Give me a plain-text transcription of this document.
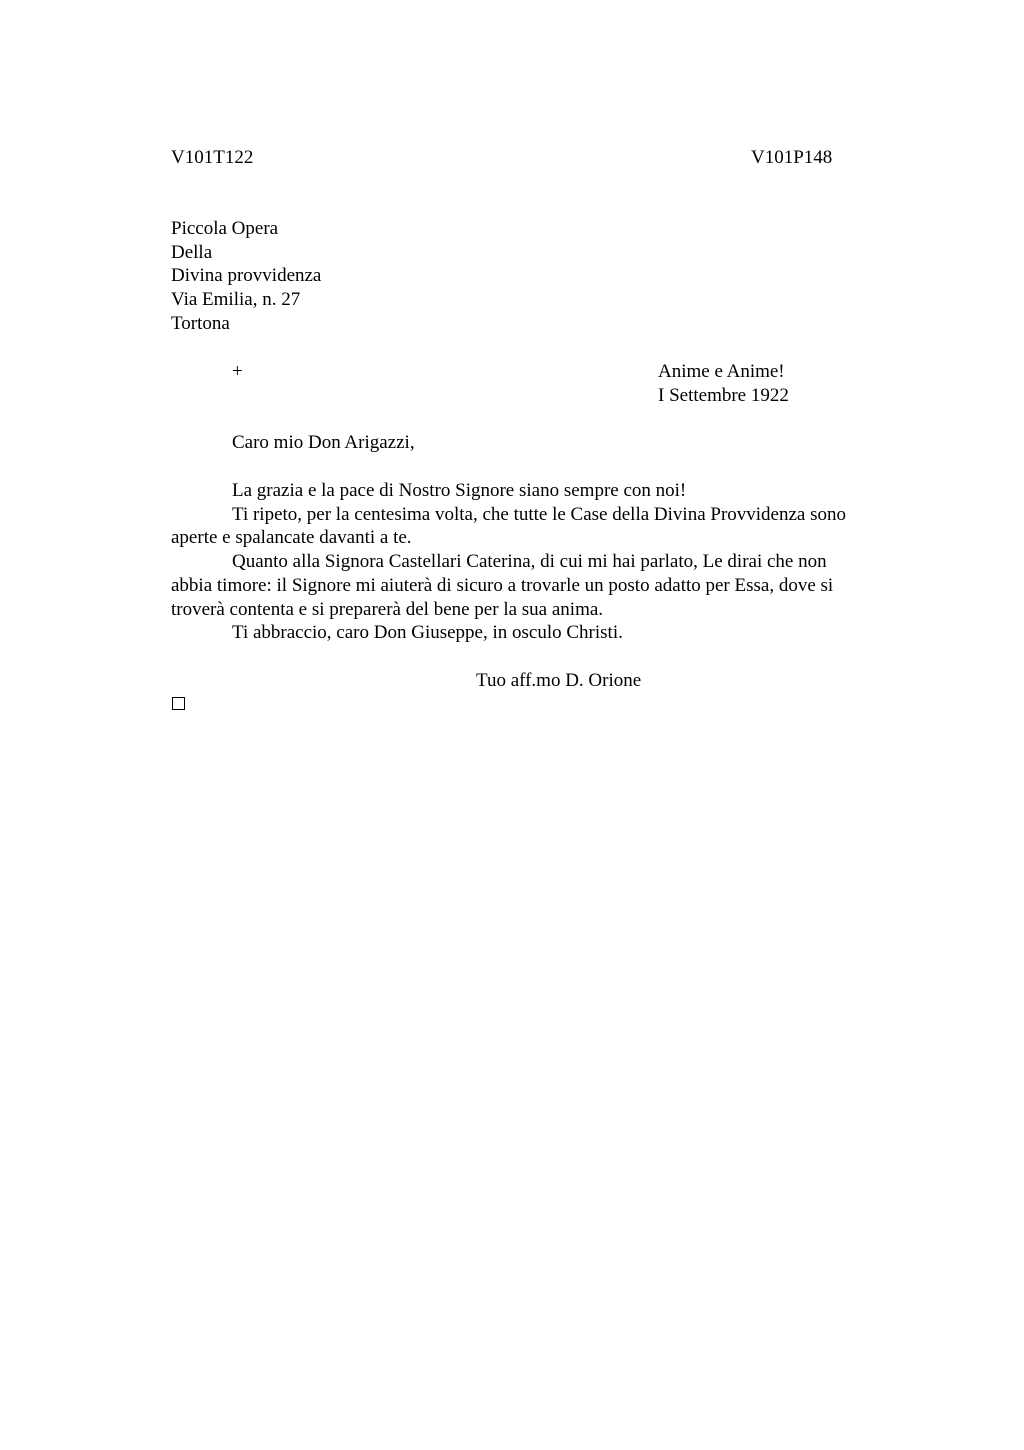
V101T122	V101P148
Piccola Opera
Della
Divina provvidenza
Via Emilia, n. 27
Tortona
+	Anime e Anime!
I Settembre 1922
Caro mio Don Arigazzi,
La grazia e la pace di Nostro Signore siano sempre con noi!
Ti ripeto, per la centesima volta, che tutte le Case della Divina Provvidenza sono
aperte e spalancate davanti a te.
Quanto alla Signora Castellari Caterina, di cui mi hai parlato, Le dirai che non
abbia timore: il Signore mi aiuterà di sicuro a trovarle un posto adatto per Essa, dove si
troverà contenta e si preparerà del bene per la sua anima.
Ti abbraccio, caro Don Giuseppe, in osculo Christi.
Tuo aff.mo D. Orione
